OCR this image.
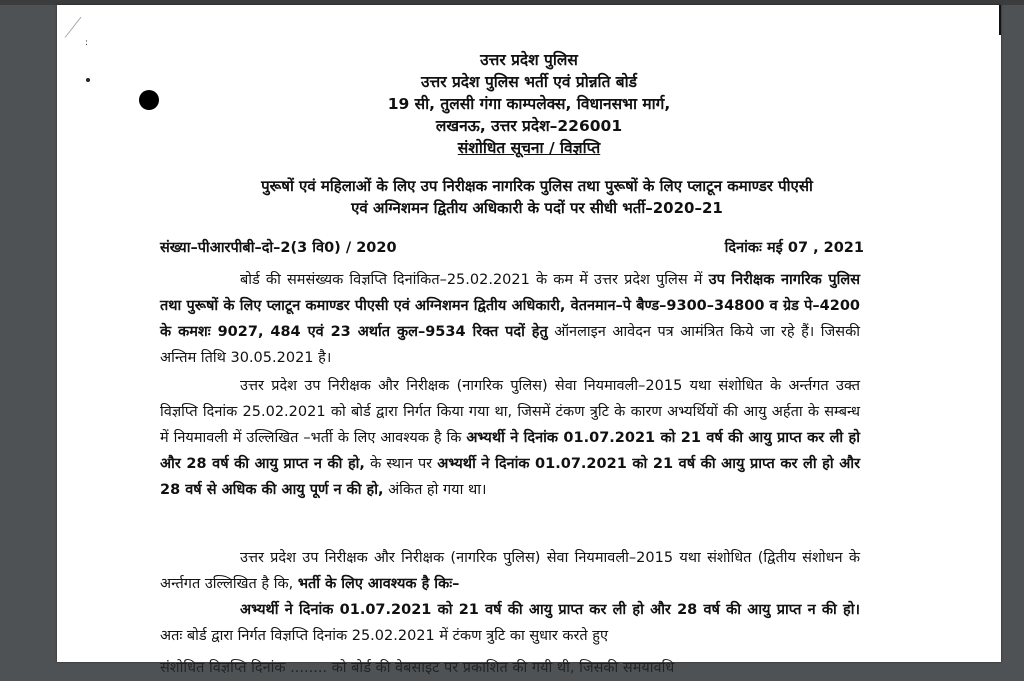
:
उत्तर प्रदेश पुलिस
उत्तर प्रदेश पुलिस भर्ती एवं प्रोन्नति बोर्ड
19 सी, तुलसी गंगा काम्पलेक्स, विधानसभा मार्ग,
लखनऊ, उत्तर प्रदेश–226001
संशोधित सूचना / विज्ञप्ति
पुरूषों एवं महिलाओं के लिए उप निरीक्षक नागरिक पुलिस तथा पुरूषों के लिए प्लाटून कमाण्डर पीएसी
एवं अग्निशमन द्वितीय अधिकारी के पदों पर सीधी भर्ती–2020–21
संख्या–पीआरपीबी–दो–2(3 वि0) / 2020	दिनांकः मई 07 , 2021
बोर्ड की समसंख्यक विज्ञप्ति दिनांकित–25.02.2021 के कम में उत्तर प्रदेश पुलिस में उप निरीक्षक नागरिक पुलिस तथा पुरूषों के लिए प्लाटून कमाण्डर पीएसी एवं अग्निशमन द्वितीय अधिकारी, वेतनमान–पे बैण्ड–9300–34800 व ग्रेड पे–4200 के कमशः 9027, 484 एवं 23 अर्थात कुल–9534 रिक्त पदों हेतु ऑनलाइन आवेदन पत्र आमंत्रित किये जा रहे हैं। जिसकी अन्तिम तिथि 30.05.2021 है।
उत्तर प्रदेश उप निरीक्षक और निरीक्षक (नागरिक पुलिस) सेवा नियमावली–2015 यथा संशोधित के अर्न्तगत उक्त विज्ञप्ति दिनांक 25.02.2021 को बोर्ड द्वारा निर्गत किया गया था, जिसमें टंकण त्रुटि के कारण अभ्यर्थियों की आयु अर्हता के सम्बन्ध में नियमावली में उल्लिखित –भर्ती के लिए आवश्यक है कि अभ्यर्थी ने दिनांक 01.07.2021 को 21 वर्ष की आयु प्राप्त कर ली हो और 28 वर्ष की आयु प्राप्त न की हो, के स्थान पर अभ्यर्थी ने दिनांक 01.07.2021 को 21 वर्ष की आयु प्राप्त कर ली हो और 28 वर्ष से अधिक की आयु पूर्ण न की हो, अंकित हो गया था।
उत्तर प्रदेश उप निरीक्षक और निरीक्षक (नागरिक पुलिस) सेवा नियमावली–2015 यथा संशोधित (द्वितीय संशोधन के अर्न्तगत उल्लिखित है कि, भर्ती के लिए आवश्यक है किः–
अभ्यर्थी ने दिनांक 01.07.2021 को 21 वर्ष की आयु प्राप्त कर ली हो और 28 वर्ष की आयु प्राप्त न की हो। अतः बोर्ड द्वारा निर्गत विज्ञप्ति दिनांक 25.02.2021 में टंकण त्रुटि का सुधार करते हुए
संशोधित विज्ञप्ति दिनांक ........ को बोर्ड की वेबसाइट पर प्रकाशित की गयी थी, जिसकी समयावधि
